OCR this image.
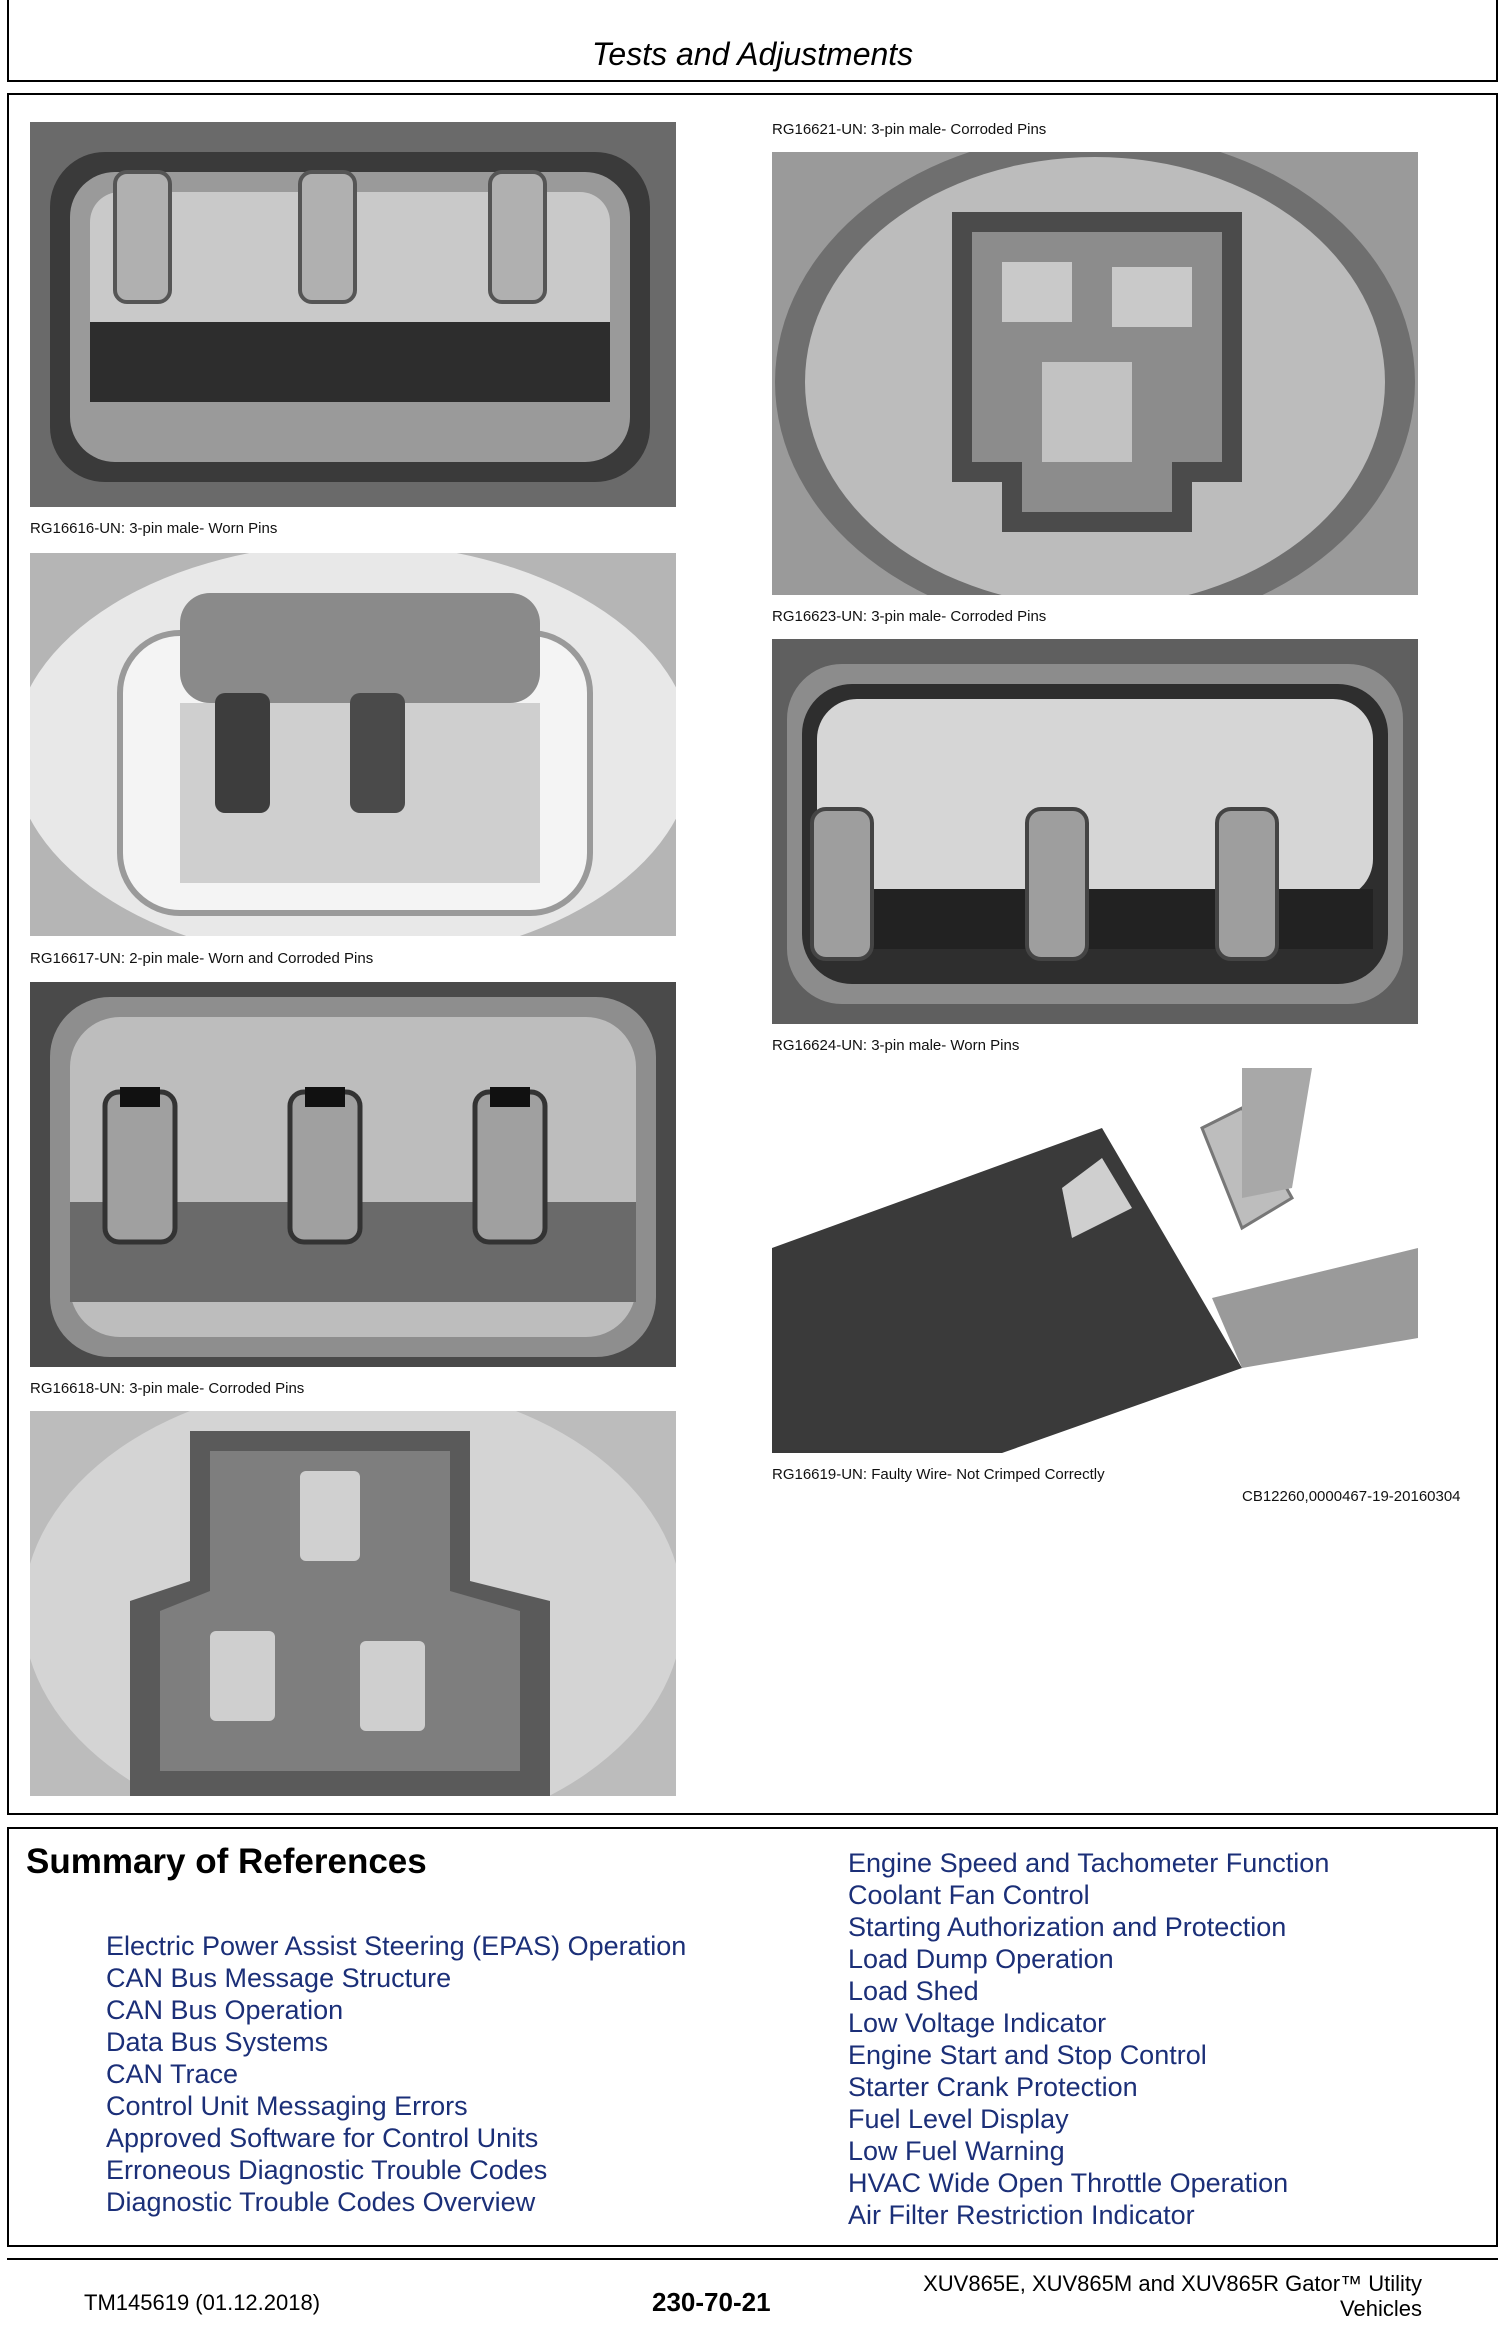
Tests and Adjustments
RG16616-UN: 3-pin male- Worn Pins
RG16617-UN: 2-pin male- Worn and Corroded Pins
RG16618-UN: 3-pin male- Corroded Pins
RG16621-UN: 3-pin male- Corroded Pins
RG16623-UN: 3-pin male- Corroded Pins
RG16624-UN: 3-pin male- Worn Pins
RG16619-UN: Faulty Wire- Not Crimped Correctly
CB12260,0000467-19-20160304
Summary of References
Electric Power Assist Steering (EPAS) Operation
CAN Bus Message Structure
CAN Bus Operation
Data Bus Systems
CAN Trace
Control Unit Messaging Errors
Approved Software for Control Units
Erroneous Diagnostic Trouble Codes
Diagnostic Trouble Codes Overview
Engine Speed and Tachometer Function
Coolant Fan Control
Starting Authorization and Protection
Load Dump Operation
Load Shed
Low Voltage Indicator
Engine Start and Stop Control
Starter Crank Protection
Fuel Level Display
Low Fuel Warning
HVAC Wide Open Throttle Operation
Air Filter Restriction Indicator
TM145619 (01.12.2018)	230-70-21
XUV865E, XUV865M and XUV865R Gator™ Utility
Vehicles
